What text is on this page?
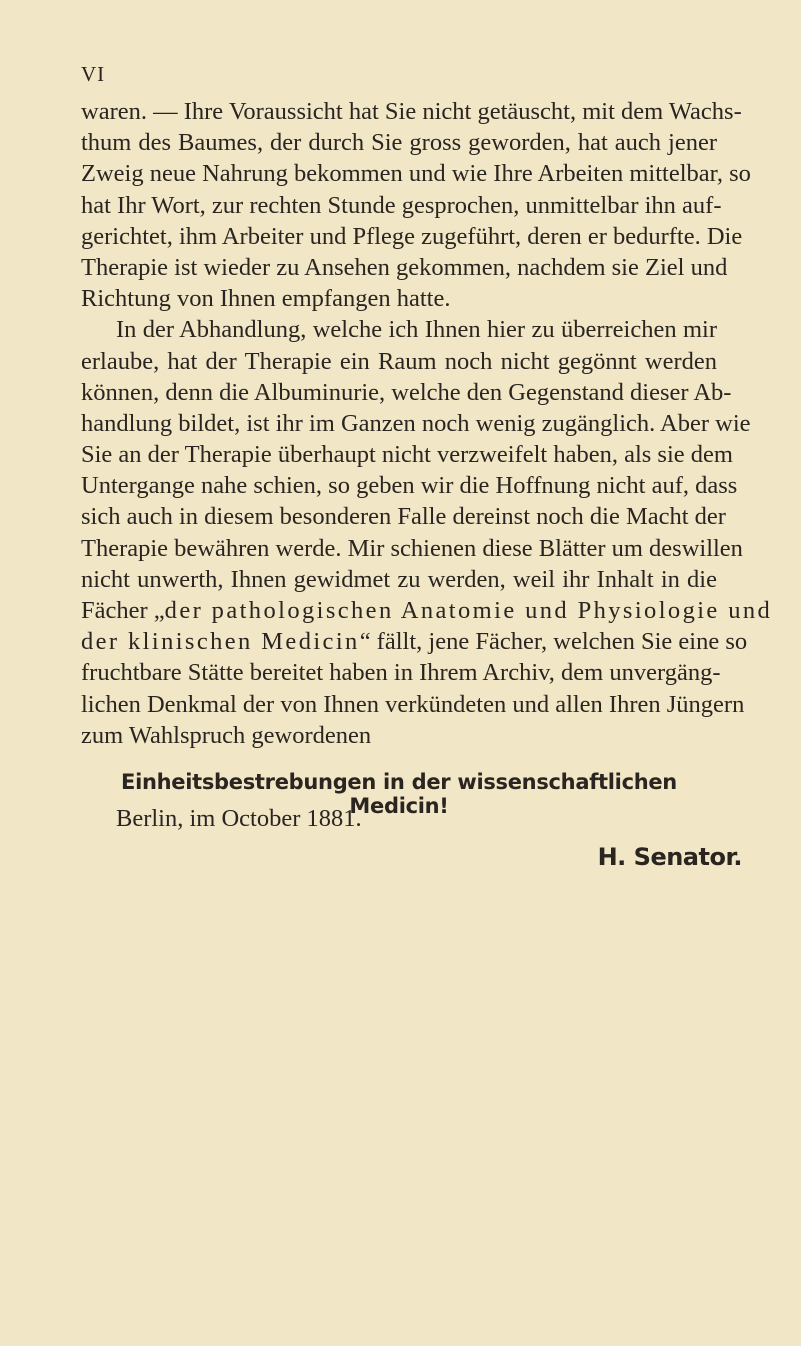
VI
waren. — Ihre Voraussicht hat Sie nicht getäuscht, mit dem Wachs-
thum des Baumes, der durch Sie gross geworden, hat auch jener
Zweig neue Nahrung bekommen und wie Ihre Arbeiten mittelbar, so
hat Ihr Wort, zur rechten Stunde gesprochen, unmittelbar ihn auf-
gerichtet, ihm Arbeiter und Pflege zugeführt, deren er bedurfte. Die
Therapie ist wieder zu Ansehen gekommen, nachdem sie Ziel und
Richtung von Ihnen empfangen hatte.
In der Abhandlung, welche ich Ihnen hier zu überreichen mir
erlaube, hat der Therapie ein Raum noch nicht gegönnt werden
können, denn die Albuminurie, welche den Gegenstand dieser Ab-
handlung bildet, ist ihr im Ganzen noch wenig zugänglich. Aber wie
Sie an der Therapie überhaupt nicht verzweifelt haben, als sie dem
Untergange nahe schien, so geben wir die Hoffnung nicht auf, dass
sich auch in diesem besonderen Falle dereinst noch die Macht der
Therapie bewähren werde. Mir schienen diese Blätter um deswillen
nicht unwerth, Ihnen gewidmet zu werden, weil ihr Inhalt in die
Fächer „der pathologischen Anatomie und Physiologie und
der klinischen Medicin“ fällt, jene Fächer, welchen Sie eine so
fruchtbare Stätte bereitet haben in Ihrem Archiv, dem unvergäng-
lichen Denkmal der von Ihnen verkündeten und allen Ihren Jüngern
zum Wahlspruch gewordenen
Einheitsbestrebungen in der wissenschaftlichen Medicin!
Berlin, im October 1881.
H. Senator.
